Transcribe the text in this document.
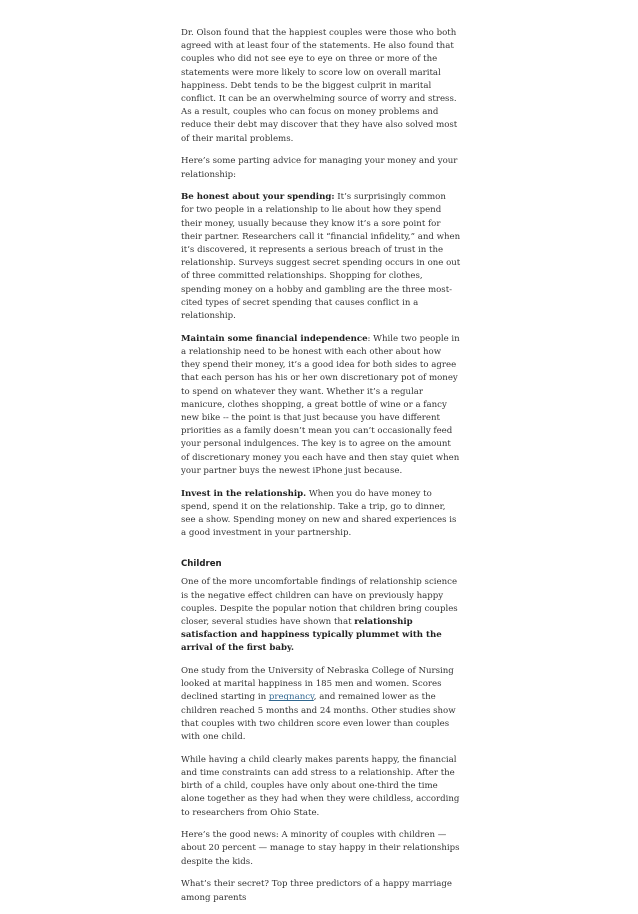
Dr. Olson found that the happiest couples were those who both agreed with at least four of the statements. He also found that couples who did not see eye to eye on three or more of the statements were more likely to score low on overall marital happiness. Debt tends to be the biggest culprit in marital conflict. It can be an overwhelming source of worry and stress. As a result, couples who can focus on money problems and reduce their debt may discover that they have also solved most of their marital problems.

Here’s some parting advice for managing your money and your relationship:

Be honest about your spending: It’s surprisingly common for two people in a relationship to lie about how they spend their money, usually because they know it’s a sore point for their partner. Researchers call it “financial infidelity,” and when it’s discovered, it represents a serious breach of trust in the relationship. Surveys suggest secret spending occurs in one out of three committed relationships. Shopping for clothes, spending money on a hobby and gambling are the three most-cited types of secret spending that causes conflict in a relationship.

Maintain some financial independence: While two people in a relationship need to be honest with each other about how they spend their money, it’s a good idea for both sides to agree that each person has his or her own discretionary pot of money to spend on whatever they want. Whether it’s a regular manicure, clothes shopping, a great bottle of wine or a fancy new bike -- the point is that just because you have different priorities as a family doesn’t mean you can’t occasionally feed your personal indulgences. The key is to agree on the amount of discretionary money you each have and then stay quiet when your partner buys the newest iPhone just because.

Invest in the relationship. When you do have money to spend, spend it on the relationship. Take a trip, go to dinner, see a show. Spending money on new and shared experiences is a good investment in your partnership.

Children

One of the more uncomfortable findings of relationship science is the negative effect children can have on previously happy couples. Despite the popular notion that children bring couples closer, several studies have shown that relationship satisfaction and happiness typically plummet with the arrival of the first baby.

One study from the University of Nebraska College of Nursing looked at marital happiness in 185 men and women. Scores declined starting in pregnancy, and remained lower as the children reached 5 months and 24 months. Other studies show that couples with two children score even lower than couples with one child.

While having a child clearly makes parents happy, the financial and time constraints can add stress to a relationship. After the birth of a child, couples have only about one-third the time alone together as they had when they were childless, according to researchers from Ohio State.

Here’s the good news: A minority of couples with children — about 20 percent — manage to stay happy in their relationships despite the kids.

What’s their secret? Top three predictors of a happy marriage among parents
